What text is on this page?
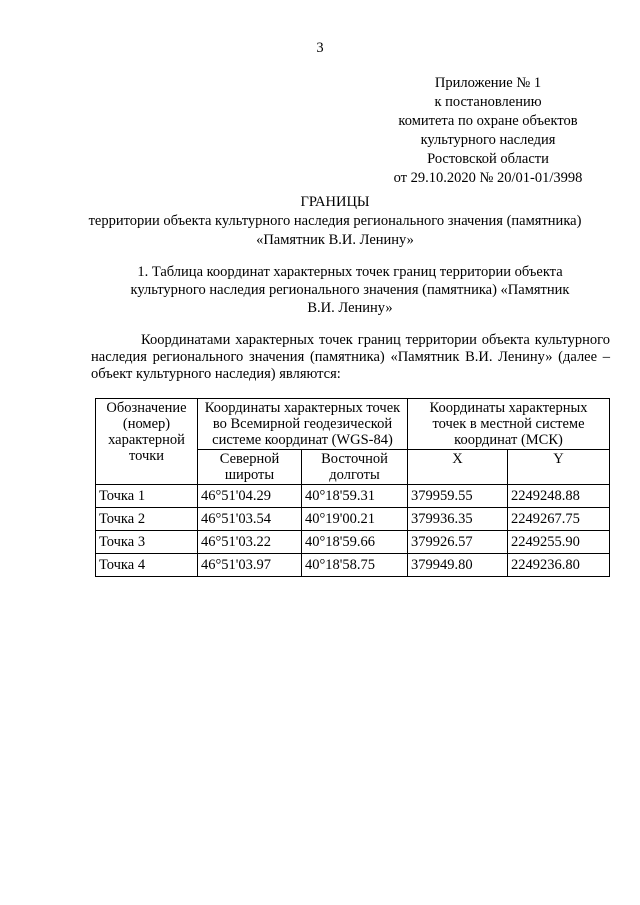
3
Приложение № 1
к постановлению
комитета по охране объектов
культурного наследия
Ростовской области
от 29.10.2020 № 20/01-01/3998
ГРАНИЦЫ
территории объекта культурного наследия регионального значения (памятника)
«Памятник В.И. Ленину»
1. Таблица координат характерных точек границ территории объекта
культурного наследия регионального значения (памятника) «Памятник
В.И. Ленину»

Координатами характерных точек границ территории объекта культурного наследия регионального значения (памятника) «Памятник В.И. Ленину» (далее – объект культурного наследия) являются:

Обозначение (номер) характерной точки	Координаты характерных точек во Всемирной геодезической системе координат (WGS-84)		Координаты характерных точек в местной системе координат (МСК)	
	Северной широты	Восточной долготы	X	Y
Точка 1	46°51'04.29	40°18'59.31	379959.55	2249248.88
Точка 2	46°51'03.54	40°19'00.21	379936.35	2249267.75
Точка 3	46°51'03.22	40°18'59.66	379926.57	2249255.90
Точка 4	46°51'03.97	40°18'58.75	379949.80	2249236.80
